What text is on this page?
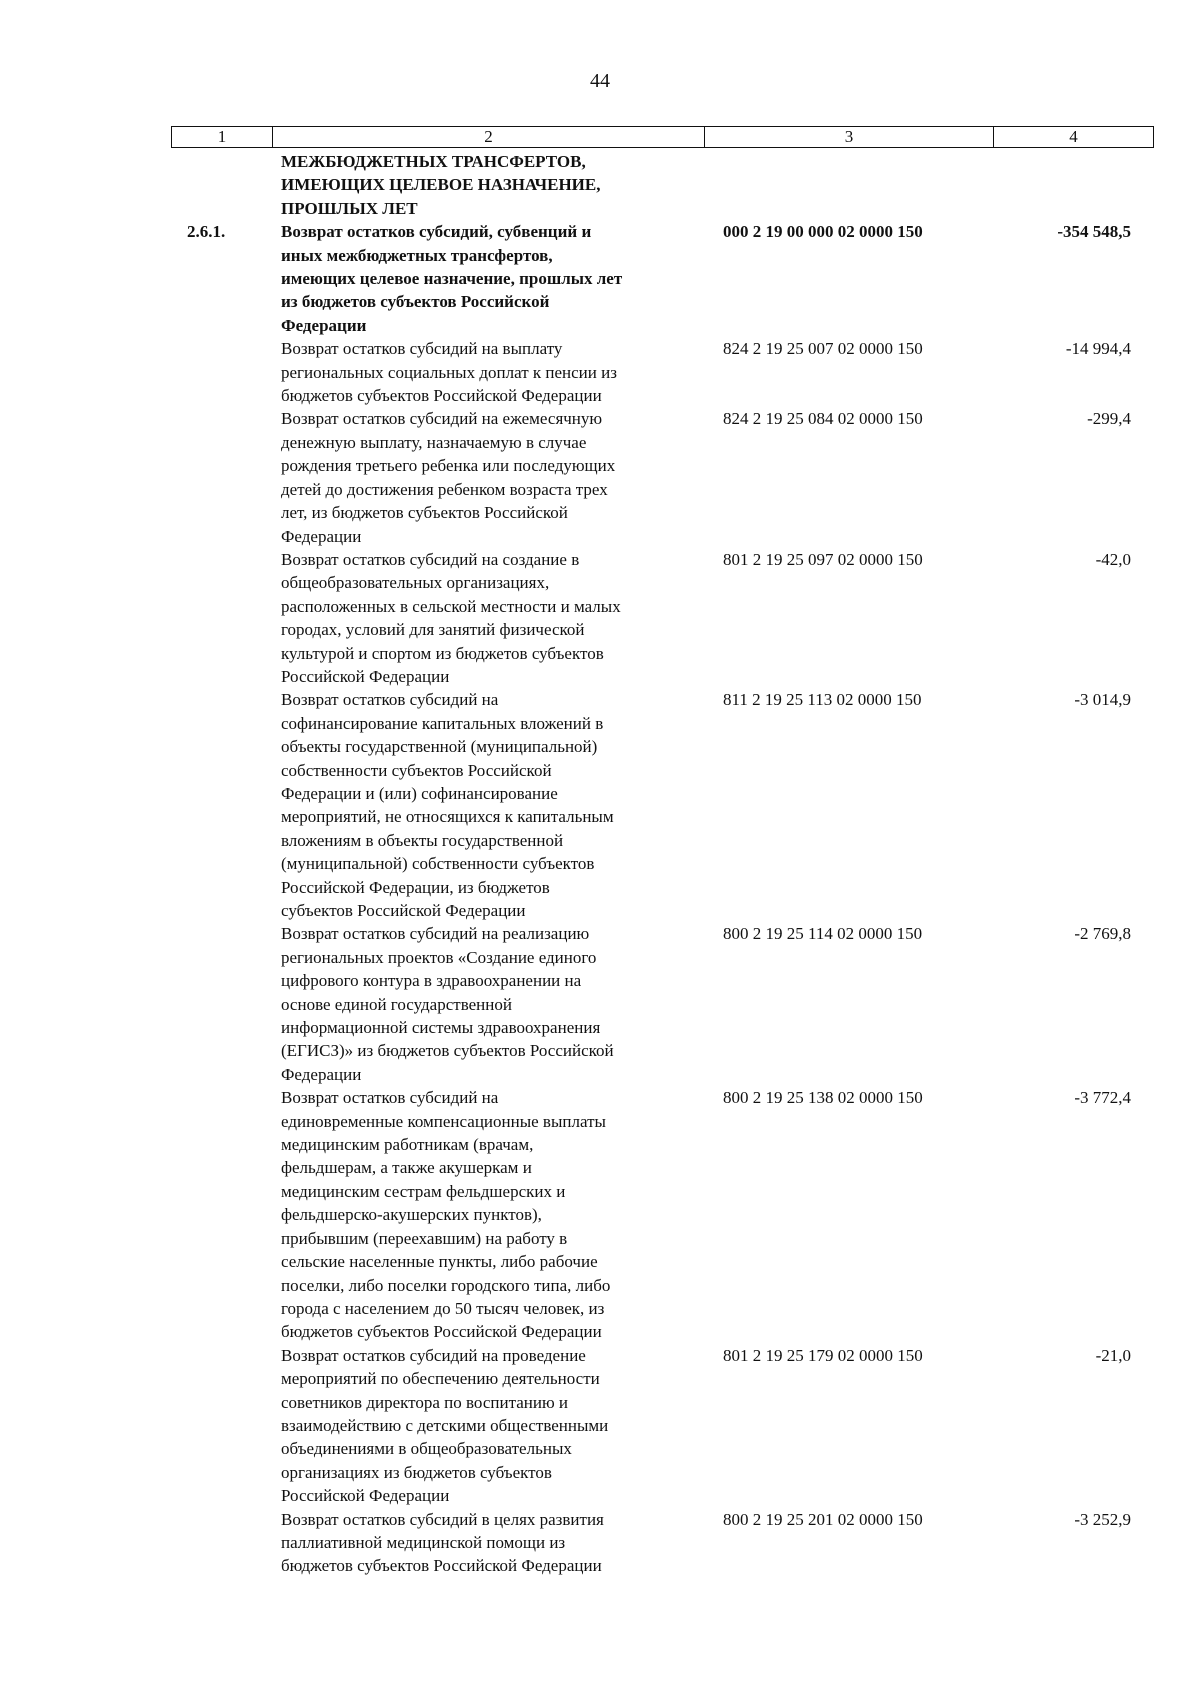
44
1	2	3	4
МЕЖБЮДЖЕТНЫХ ТРАНСФЕРТОВ,
ИМЕЮЩИХ ЦЕЛЕВОЕ НАЗНАЧЕНИЕ,
ПРОШЛЫХ ЛЕТ
2.6.1.	Возврат остатков субсидий, субвенций и
иных межбюджетных трансфертов,
имеющих целевое назначение, прошлых лет
из бюджетов субъектов Российской
Федерации
000 2 19 00 000 02 0000 150	-354 548,5
Возврат остатков субсидий на выплату
региональных социальных доплат к пенсии из
бюджетов субъектов Российской Федерации
824 2 19 25 007 02 0000 150	-14 994,4
Возврат остатков субсидий на ежемесячную
денежную выплату, назначаемую в случае
рождения третьего ребенка или последующих
детей до достижения ребенком возраста трех
лет, из бюджетов субъектов Российской
Федерации
824 2 19 25 084 02 0000 150	-299,4
Возврат остатков субсидий на создание в
общеобразовательных организациях,
расположенных в сельской местности и малых
городах, условий для занятий физической
культурой и спортом из бюджетов субъектов
Российской Федерации
801 2 19 25 097 02 0000 150	-42,0
Возврат остатков субсидий на
софинансирование капитальных вложений в
объекты государственной (муниципальной)
собственности субъектов Российской
Федерации и (или) софинансирование
мероприятий, не относящихся к капитальным
вложениям в объекты государственной
(муниципальной) собственности субъектов
Российской Федерации, из бюджетов
субъектов Российской Федерации
811 2 19 25 113 02 0000 150	-3 014,9
Возврат остатков субсидий на реализацию
региональных проектов «Создание единого
цифрового контура в здравоохранении на
основе единой государственной
информационной системы здравоохранения
(ЕГИСЗ)» из бюджетов субъектов Российской
Федерации
800 2 19 25 114 02 0000 150	-2 769,8
Возврат остатков субсидий на
единовременные компенсационные выплаты
медицинским работникам (врачам,
фельдшерам, а также акушеркам и
медицинским сестрам фельдшерских и
фельдшерско-акушерских пунктов),
прибывшим (переехавшим) на работу в
сельские населенные пункты, либо рабочие
поселки, либо поселки городского типа, либо
города с населением до 50 тысяч человек, из
бюджетов субъектов Российской Федерации
800 2 19 25 138 02 0000 150	-3 772,4
Возврат остатков субсидий на проведение
мероприятий по обеспечению деятельности
советников директора по воспитанию и
взаимодействию с детскими общественными
объединениями в общеобразовательных
организациях из бюджетов субъектов
Российской Федерации
801 2 19 25 179 02 0000 150	-21,0
Возврат остатков субсидий в целях развития
паллиативной медицинской помощи из
бюджетов субъектов Российской Федерации
800 2 19 25 201 02 0000 150	-3 252,9
